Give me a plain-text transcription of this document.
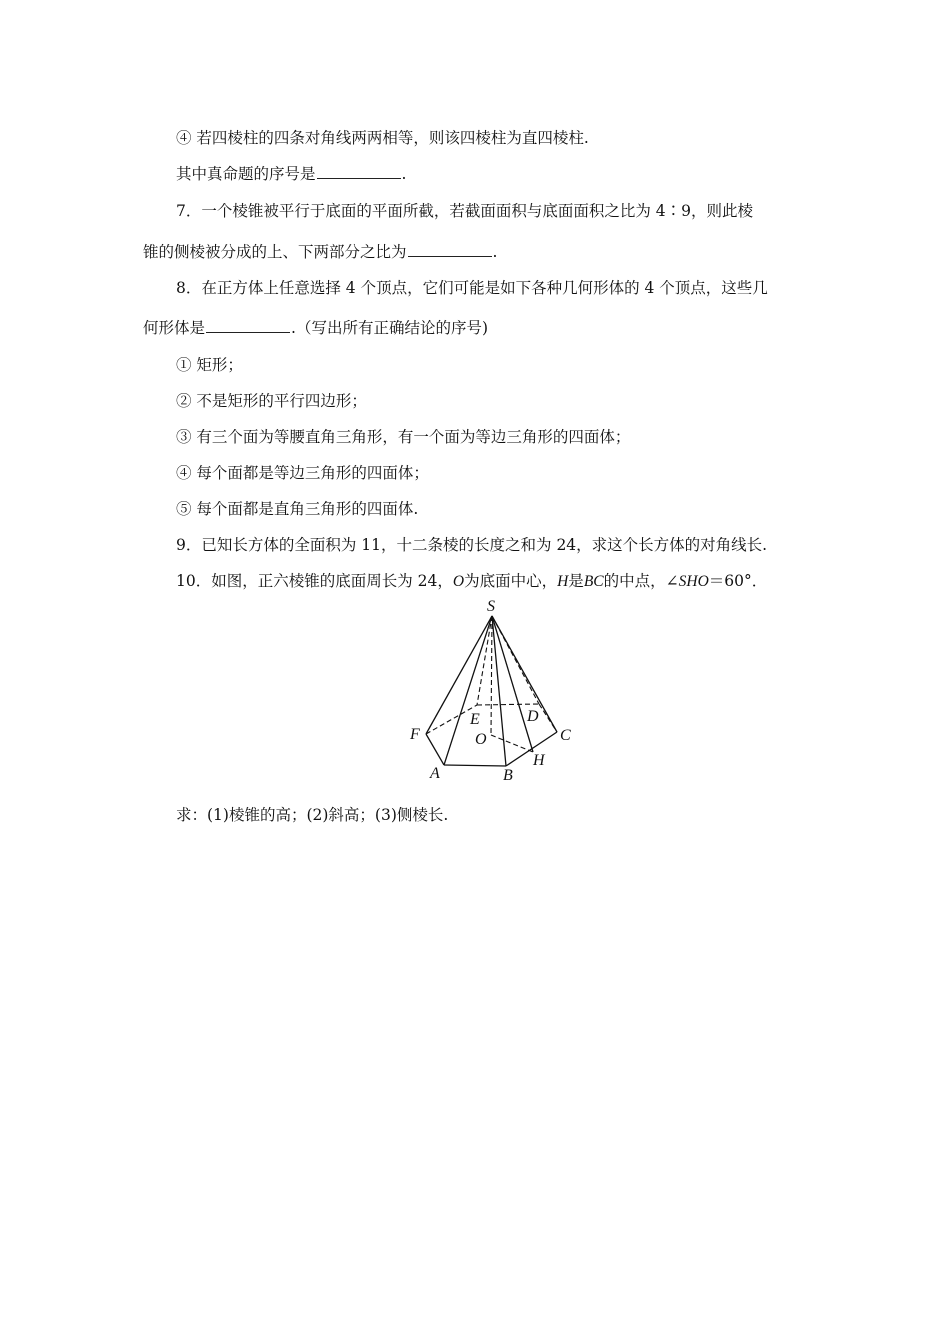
④ 若四棱柱的四条对角线两两相等，则该四棱柱为直四棱柱.
其中真命题的序号是	.
7．一个棱锥被平行于底面的平面所截，若截面面积与底面面积之比为 4∶9，则此棱
锥的侧棱被分成的上、下两部分之比为	.
8．在正方体上任意选择 4 个顶点，它们可能是如下各种几何形体的 4 个顶点，这些几
何形体是	.（写出所有正确结论的序号)
① 矩形；
② 不是矩形的平行四边形；
③ 有三个面为等腰直角三角形，有一个面为等边三角形的四面体；
④ 每个面都是等边三角形的四面体；
⑤ 每个面都是直角三角形的四面体.
9．已知长方体的全面积为 11，十二条棱的长度之和为 24，求这个长方体的对角线长.
10．如图，正六棱锥的底面周长为 24，O为底面中心，H是BC的中点，∠SHO＝60°．
S
F
E	D
C
O
A	B
H
求：(1)棱锥的高；(2)斜高；(3)侧棱长.
